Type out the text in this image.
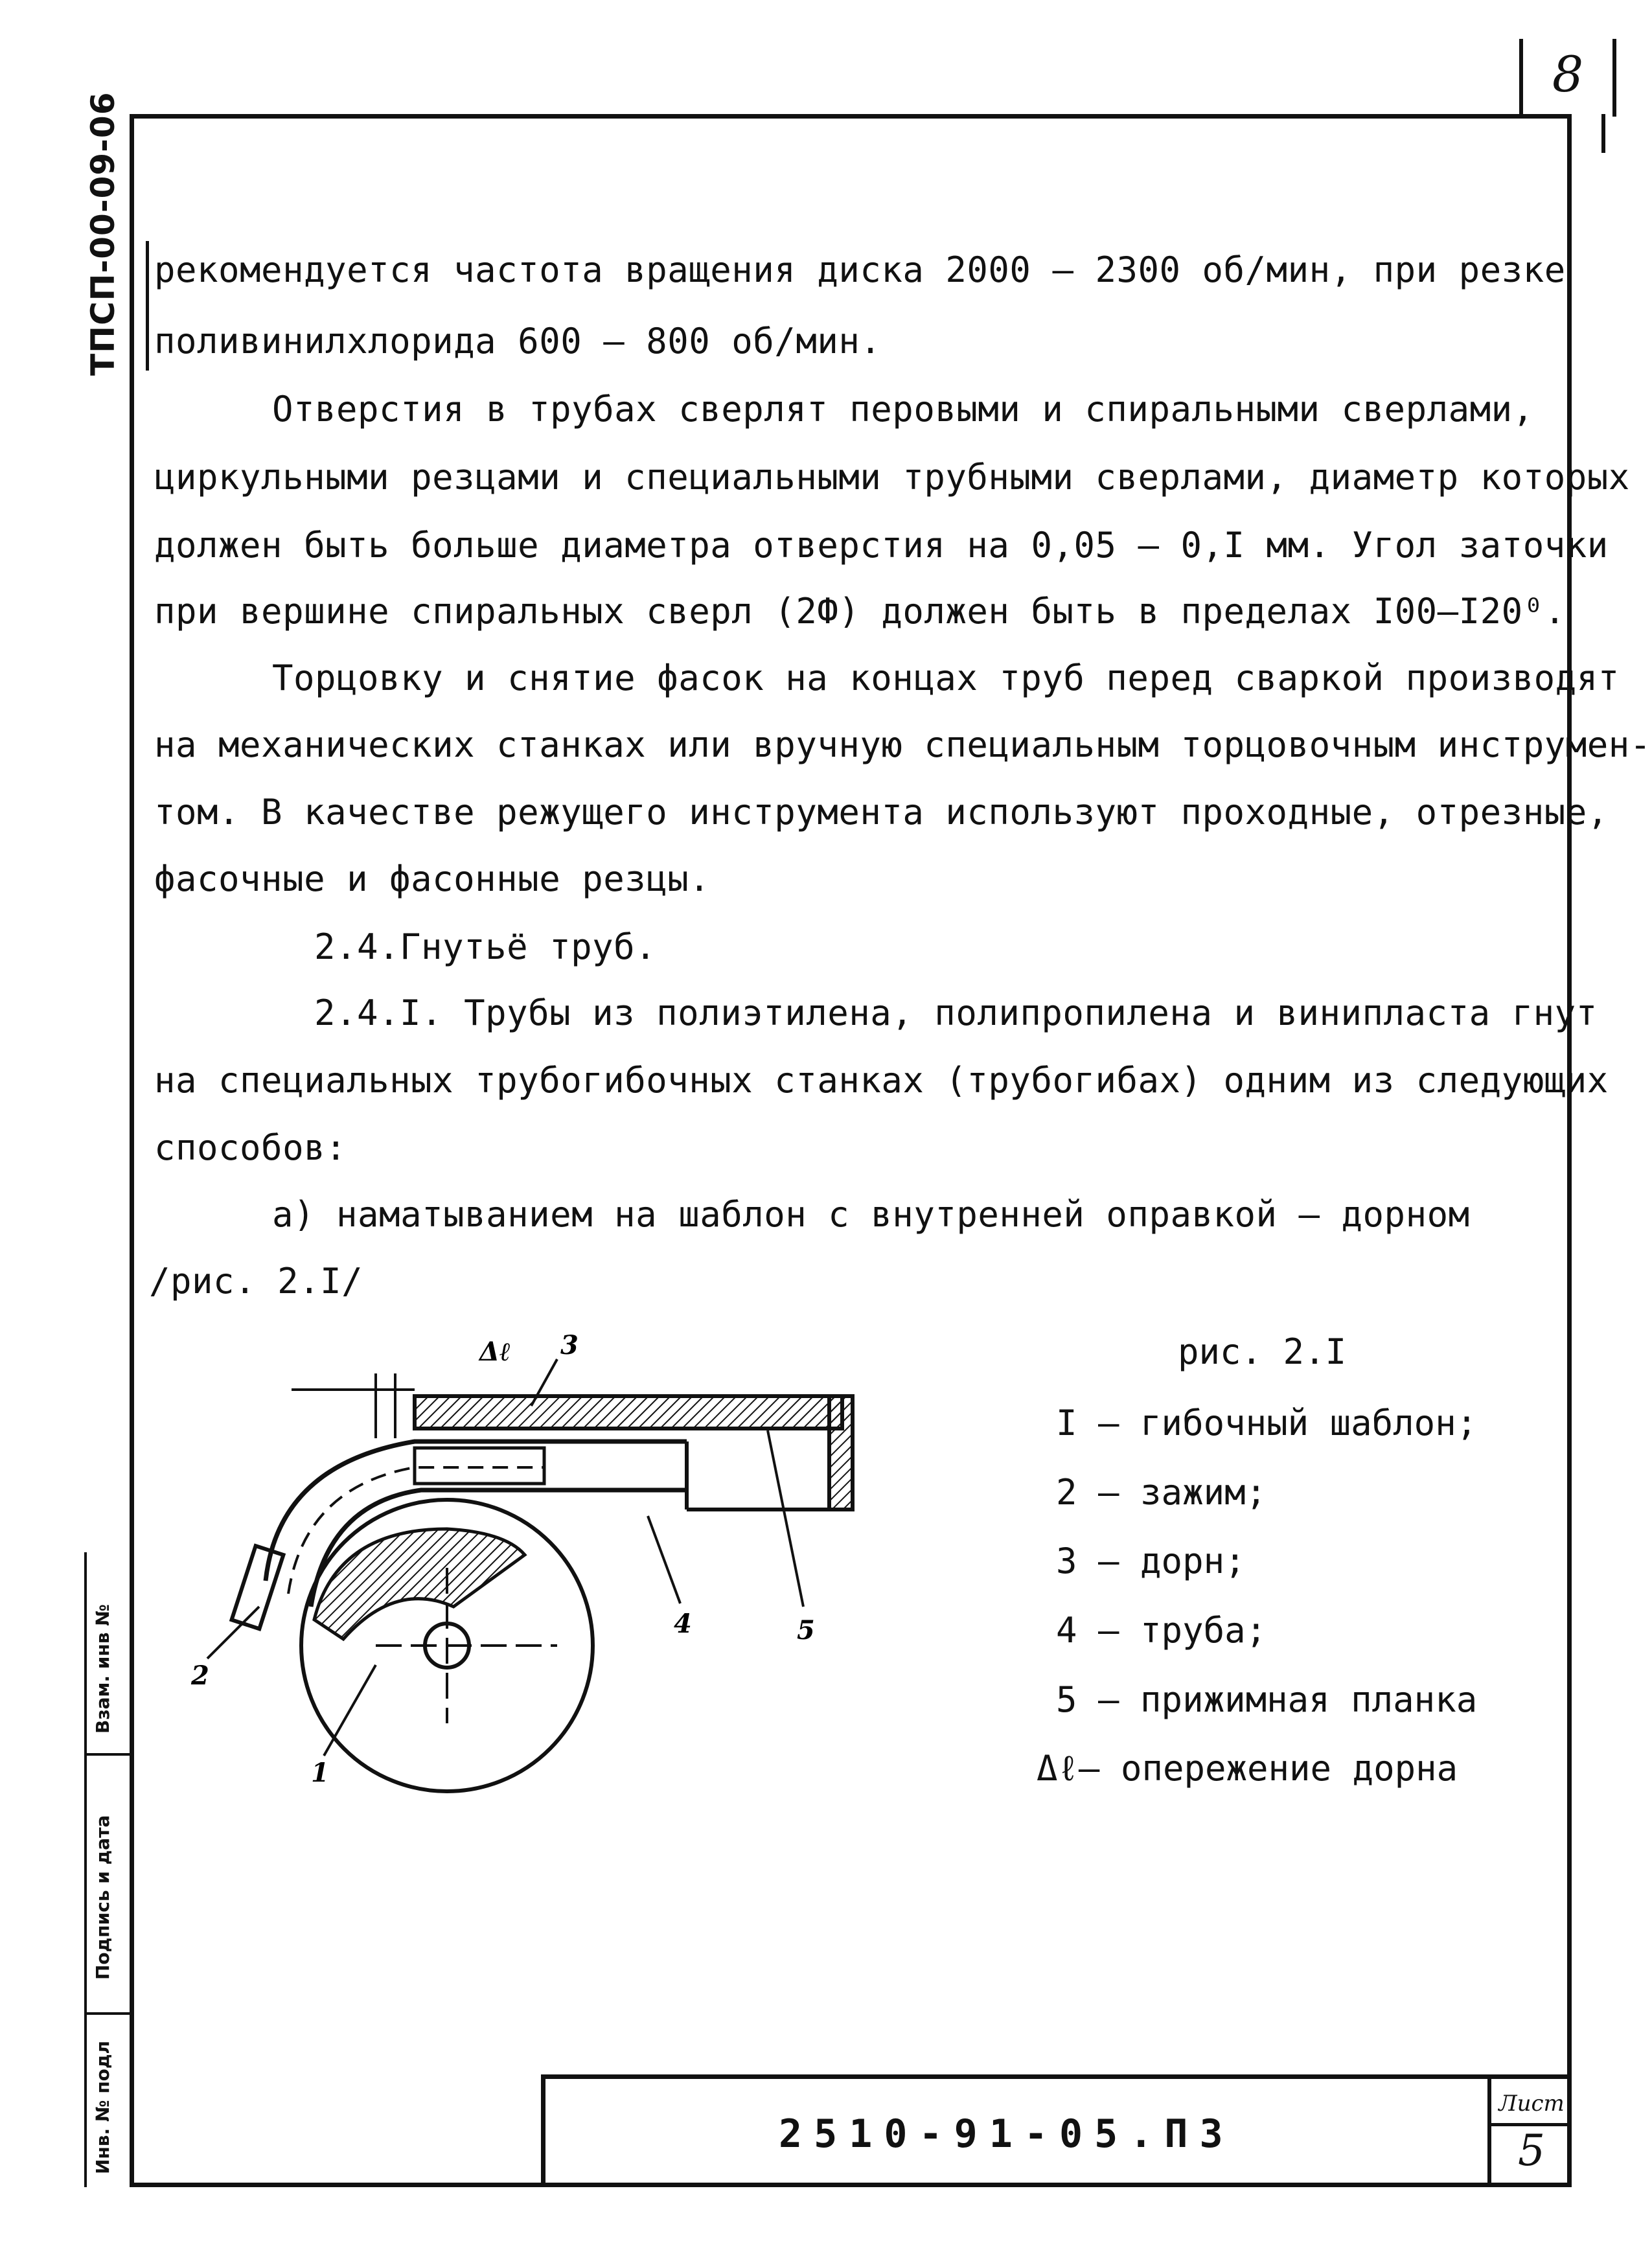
8
ТПСП-00-09-06 рекомендуется частота вращения диска 2000 – 2300 об/мин, при резке
поливинилхлорида 600 – 800 об/мин.
Отверстия в трубах сверлят перовыми и спиральными сверлами,
циркульными резцами и специальными трубными сверлами, диаметр которых
должен быть больше диаметра отверстия на 0,05 – 0,I мм. Угол заточки
при вершине спиральных сверл (2Ф) должен быть в пределах I00–I20⁰.
Торцовку и снятие фасок на концах труб перед сваркой производят
на механических станках или вручную специальным торцовочным инструмен-
том. В качестве режущего инструмента используют проходные, отрезные,
фасочные и фасонные резцы.
2.4.Гнутьё труб.
2.4.I. Трубы из полиэтилена, полипропилена и винипласта гнут
на специальных трубогибочных станках (трубогибах) одним из следующих
способов:
а) наматыванием на шаблон с внутренней оправкой – дорном
/рис. 2.I/
Δℓ 3
2
4	5
1
рис. 2.I
I – гибочный шаблон;
2 – зажим;
3 – дорн;
4 – труба;
5 – прижимная планка
Δℓ– опережение дорна
Взам. инв №
Подпись и дата
Инв. № подл	2510-91-05.ПЗ
Лист
5
